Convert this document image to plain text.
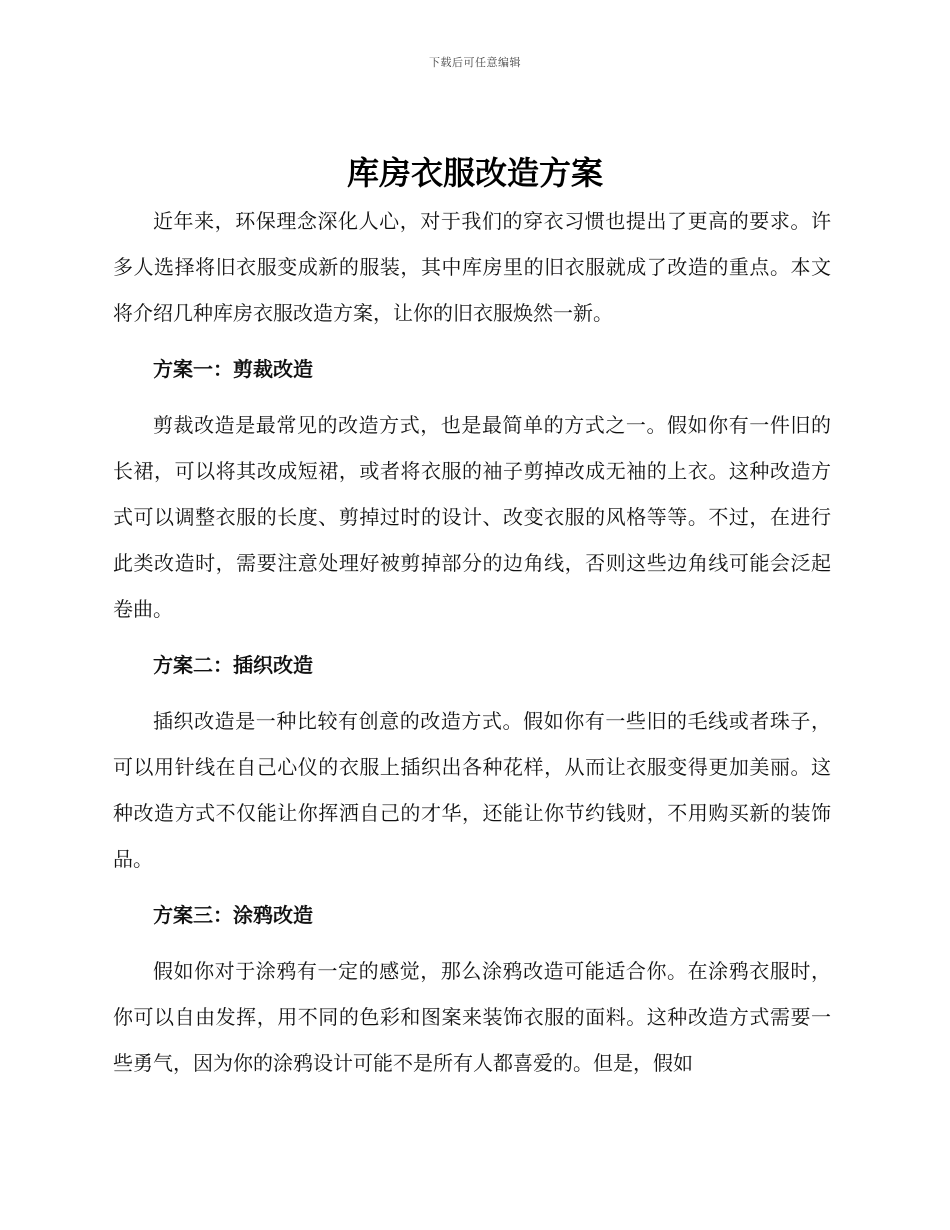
下载后可任意编辑
库房衣服改造方案

近年来，环保理念深化人心，对于我们的穿衣习惯也提出了更高的要求。许多人选择将旧衣服变成新的服装，其中库房里的旧衣服就成了改造的重点。本文将介绍几种库房衣服改造方案，让你的旧衣服焕然一新。

方案一：剪裁改造

剪裁改造是最常见的改造方式，也是最简单的方式之一。假如你有一件旧的长裙，可以将其改成短裙，或者将衣服的袖子剪掉改成无袖的上衣。这种改造方式可以调整衣服的长度、剪掉过时的设计、改变衣服的风格等等。不过，在进行此类改造时，需要注意处理好被剪掉部分的边角线，否则这些边角线可能会泛起卷曲。

方案二：插织改造

插织改造是一种比较有创意的改造方式。假如你有一些旧的毛线或者珠子，可以用针线在自己心仪的衣服上插织出各种花样，从而让衣服变得更加美丽。这种改造方式不仅能让你挥洒自己的才华，还能让你节约钱财，不用购买新的装饰品。

方案三：涂鸦改造

假如你对于涂鸦有一定的感觉，那么涂鸦改造可能适合你。在涂鸦衣服时，你可以自由发挥，用不同的色彩和图案来装饰衣服的面料。这种改造方式需要一些勇气，因为你的涂鸦设计可能不是所有人都喜爱的。但是，假如
